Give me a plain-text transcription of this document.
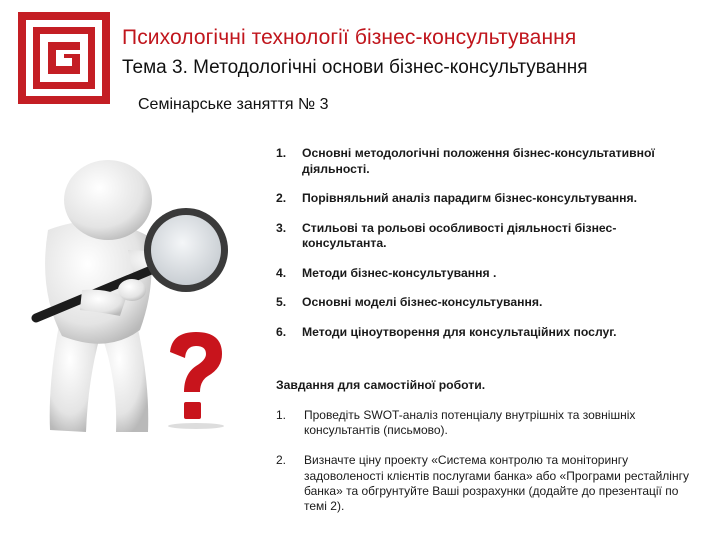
Психологічні технології бізнес-консультування
Тема 3. Методологічні основи бізнес-консультування
Семінарське заняття № 3
1. Основні методологічні положення бізнес-консультативної діяльності.
2. Порівняльний аналіз парадигм бізнес-консультування.
3. Стильові та рольові особливості діяльності бізнес-консультанта.
4. Методи бізнес-консультування .
5. Основні моделі бізнес-консультування.
6. Методи ціноутворення для консультаційних послуг.
Завдання для самостійної роботи.
1. Проведіть SWOT-аналіз потенціалу внутрішніх та зовнішніх консультантів (письмово).
2. Визначте ціну проекту «Система контролю та моніторингу задоволеності клієнтів послугами банка» або «Програми рестайлінгу банка» та обгрунтуйте Ваші розрахунки (додайте до презентації по темі 2).
